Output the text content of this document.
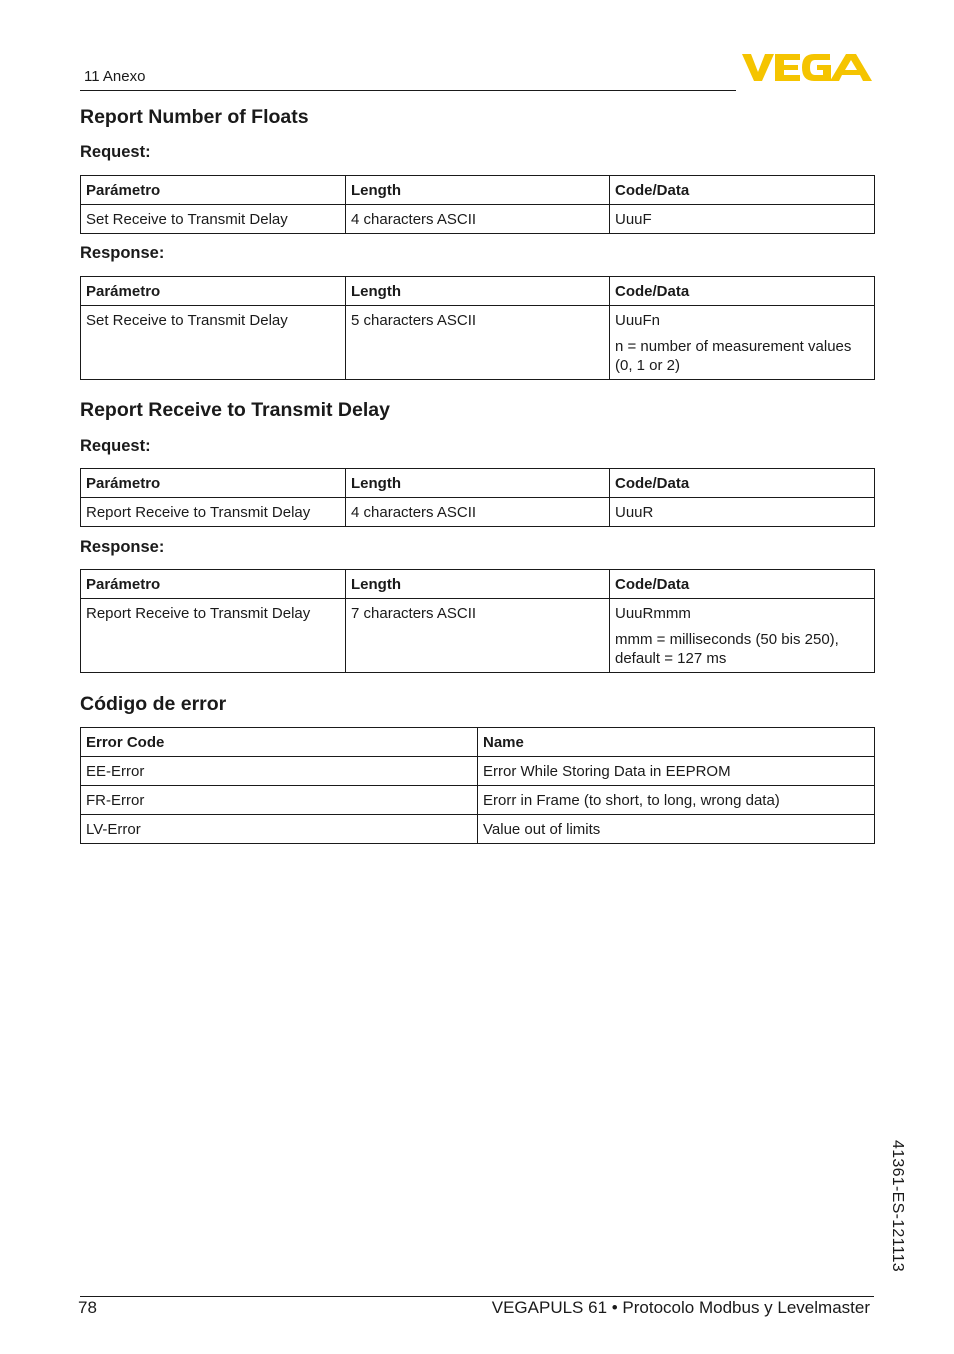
11 Anexo
Report Number of Floats
Request:
Parámetro	Length	Code/Data
Set Receive to Transmit Delay	4 characters ASCII	UuuF
Response:
Parámetro	Length	Code/Data
Set Receive to Transmit Delay	5 characters ASCII	UuuFn
n = number of measurement values (0, 1 or 2)
Report Receive to Transmit Delay
Request:
Parámetro	Length	Code/Data
Report Receive to Transmit Delay	4 characters ASCII	UuuR
Response:
Parámetro	Length	Code/Data
Report Receive to Transmit Delay	7 characters ASCII	UuuRmmm
mmm = milliseconds (50 bis 250), default = 127 ms
Código de error
Error Code	Name
EE-Error	Error While Storing Data in EEPROM
FR-Error	Erorr in Frame (to short, to long, wrong data)
LV-Error	Value out of limits
41361-ES-121113
78	VEGAPULS 61 • Protocolo Modbus y Levelmaster
